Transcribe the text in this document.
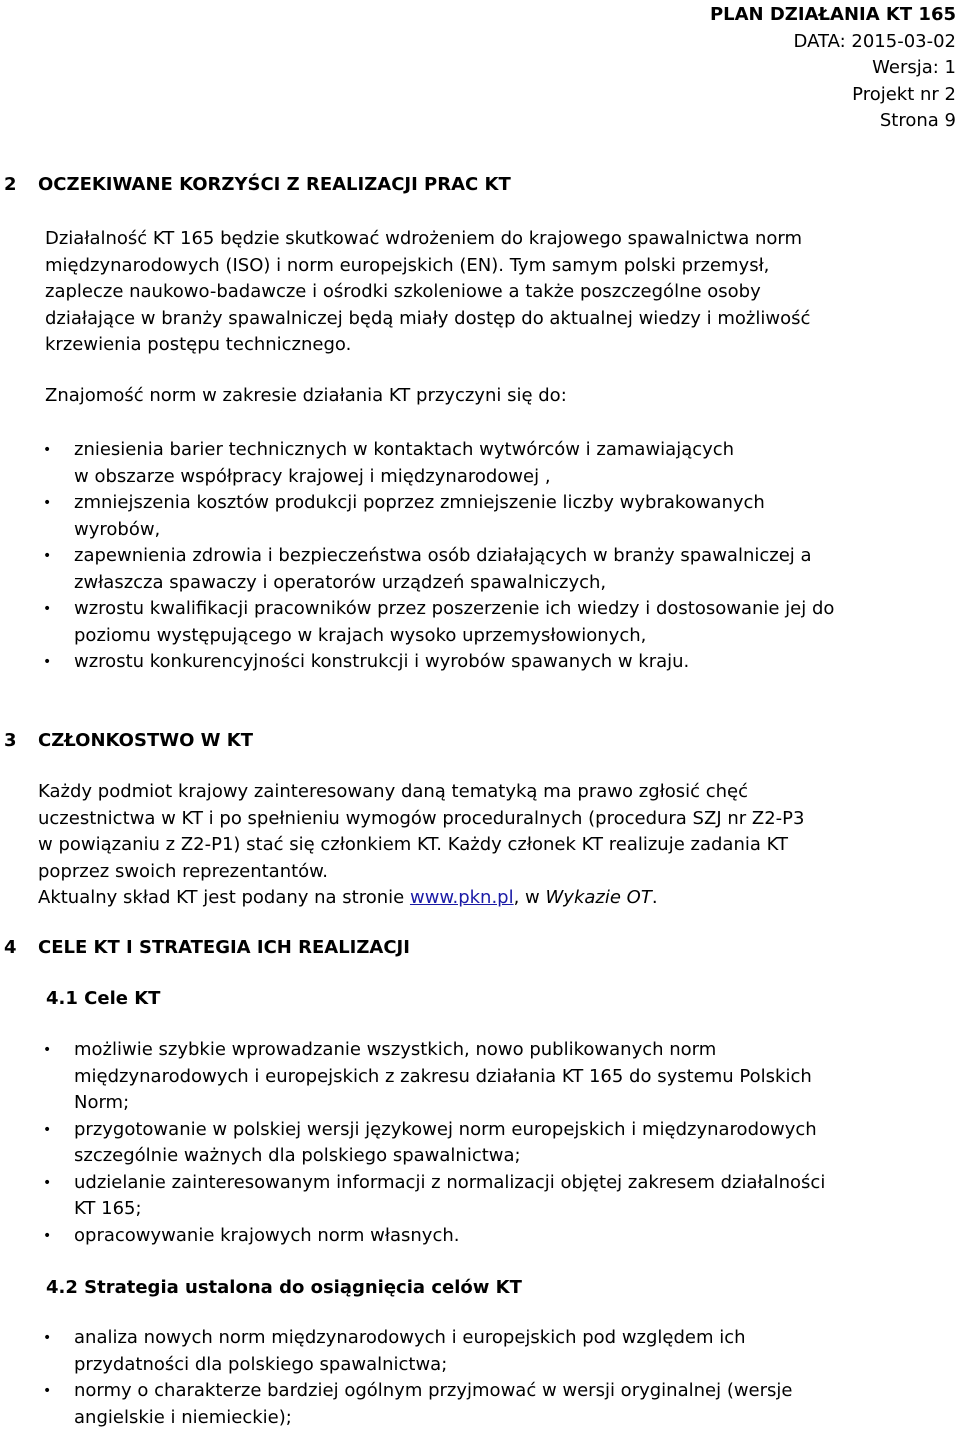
PLAN DZIAŁANIA KT 165
DATA: 2015-03-02
Wersja: 1
Projekt nr 2
Strona 9
2 OCZEKIWANE KORZYŚCI Z REALIZACJI PRAC KT
Działalność KT 165 będzie skutkować wdrożeniem do krajowego spawalnictwa norm
międzynarodowych (ISO) i norm europejskich (EN). Tym samym polski przemysł,
zaplecze naukowo-badawcze i ośrodki szkoleniowe a także poszczególne osoby
działające w branży spawalniczej będą miały dostęp do aktualnej wiedzy i możliwość
krzewienia postępu technicznego.
Znajomość norm w zakresie działania KT przyczyni się do:
• zniesienia barier technicznych w kontaktach wytwórców i zamawiających
w obszarze współpracy krajowej i międzynarodowej ,
• zmniejszenia kosztów produkcji poprzez zmniejszenie liczby wybrakowanych
wyrobów,
• zapewnienia zdrowia i bezpieczeństwa osób działających w branży spawalniczej a
zwłaszcza spawaczy i operatorów urządzeń spawalniczych,
• wzrostu kwalifikacji pracowników przez poszerzenie ich wiedzy i dostosowanie jej do
poziomu występującego w krajach wysoko uprzemysłowionych,
• wzrostu konkurencyjności konstrukcji i wyrobów spawanych w kraju.
3 CZŁONKOSTWO W KT
Każdy podmiot krajowy zainteresowany daną tematyką ma prawo zgłosić chęć
uczestnictwa w KT i po spełnieniu wymogów proceduralnych (procedura SZJ nr Z2-P3
w powiązaniu z Z2-P1) stać się członkiem KT. Każdy członek KT realizuje zadania KT
poprzez swoich reprezentantów.
Aktualny skład KT jest podany na stronie www.pkn.pl, w Wykazie OT.
4 CELE KT I STRATEGIA ICH REALIZACJI
4.1 Cele KT
• możliwie szybkie wprowadzanie wszystkich, nowo publikowanych norm
międzynarodowych i europejskich z zakresu działania KT 165 do systemu Polskich
Norm;
• przygotowanie w polskiej wersji językowej norm europejskich i międzynarodowych
szczególnie ważnych dla polskiego spawalnictwa;
• udzielanie zainteresowanym informacji z normalizacji objętej zakresem działalności
KT 165;
• opracowywanie krajowych norm własnych.
4.2 Strategia ustalona do osiągnięcia celów KT
• analiza nowych norm międzynarodowych i europejskich pod względem ich
przydatności dla polskiego spawalnictwa;
• normy o charakterze bardziej ogólnym przyjmować w wersji oryginalnej (wersje
angielskie i niemieckie);
